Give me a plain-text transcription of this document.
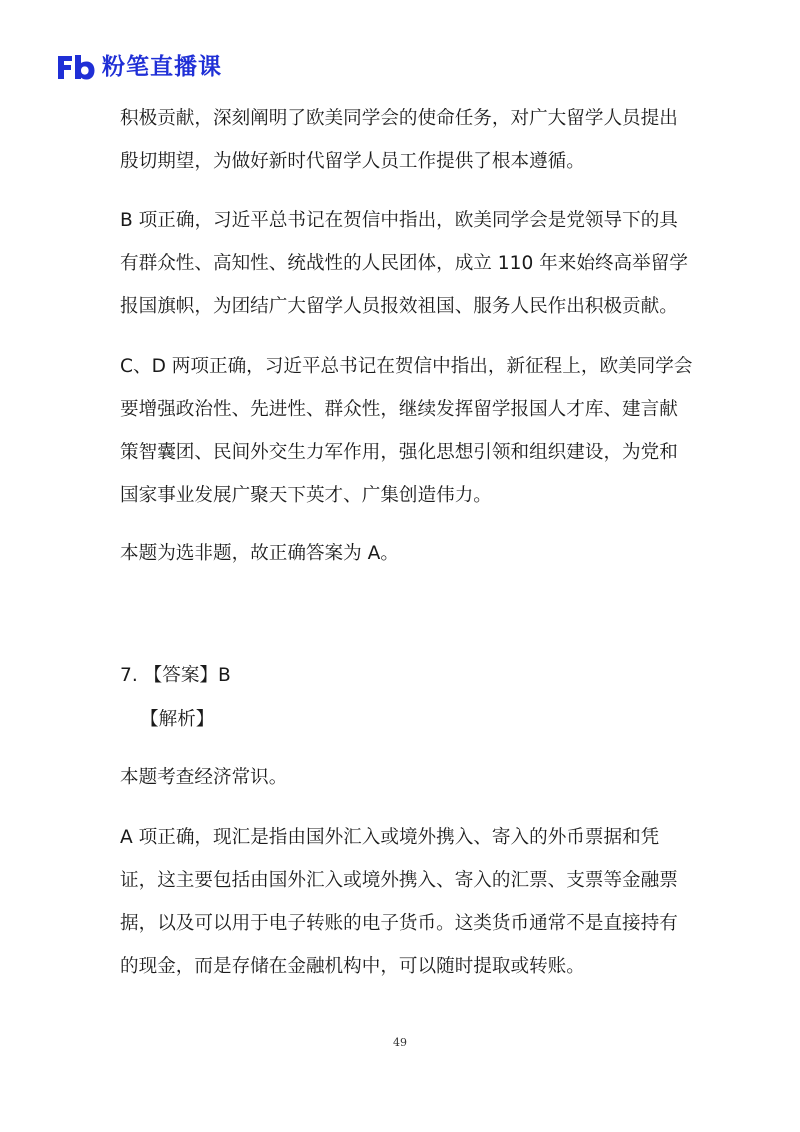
粉笔直播课
积极贡献，深刻阐明了欧美同学会的使命任务，对广大留学人员提出
殷切期望，为做好新时代留学人员工作提供了根本遵循。
B 项正确，习近平总书记在贺信中指出，欧美同学会是党领导下的具
有群众性、高知性、统战性的人民团体，成立 110 年来始终高举留学
报国旗帜，为团结广大留学人员报效祖国、服务人民作出积极贡献。
C、D 两项正确，习近平总书记在贺信中指出，新征程上，欧美同学会
要增强政治性、先进性、群众性，继续发挥留学报国人才库、建言献
策智囊团、民间外交生力军作用，强化思想引领和组织建设，为党和
国家事业发展广聚天下英才、广集创造伟力。
本题为选非题，故正确答案为 A。
7. 【答案】B
【解析】
本题考查经济常识。
A 项正确，现汇是指由国外汇入或境外携入、寄入的外币票据和凭
证，这主要包括由国外汇入或境外携入、寄入的汇票、支票等金融票
据，以及可以用于电子转账的电子货币。这类货币通常不是直接持有
的现金，而是存储在金融机构中，可以随时提取或转账。
49
